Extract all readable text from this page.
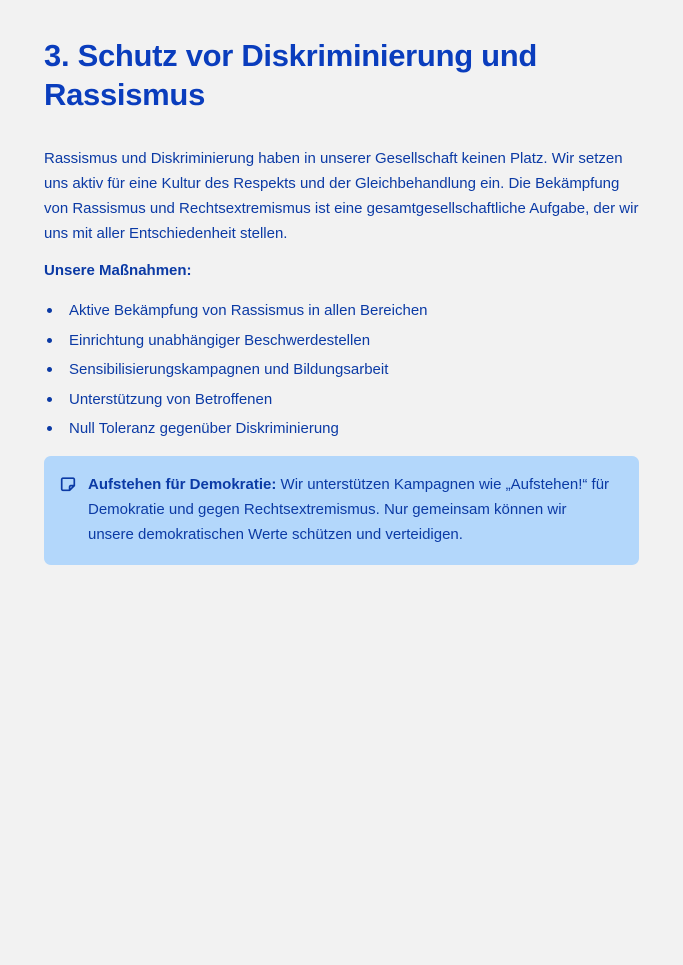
3. Schutz vor Diskriminierung und Rassismus

Rassismus und Diskriminierung haben in unserer Gesellschaft keinen Platz. Wir setzen uns aktiv für eine Kultur des Respekts und der Gleichbehandlung ein. Die Bekämpfung von Rassismus und Rechtsextremismus ist eine gesamtgesellschaftliche Aufgabe, der wir uns mit aller Entschiedenheit stellen.

Unsere Maßnahmen:

Aktive Bekämpfung von Rassismus in allen Bereichen
Einrichtung unabhängiger Beschwerdestellen
Sensibilisierungskampagnen und Bildungsarbeit
Unterstützung von Betroffenen
Null Toleranz gegenüber Diskriminierung
Aufstehen für Demokratie: Wir unterstützen Kampagnen wie „Aufstehen!“ für Demokratie und gegen Rechtsextremismus. Nur gemeinsam können wir unsere demokratischen Werte schützen und verteidigen.
